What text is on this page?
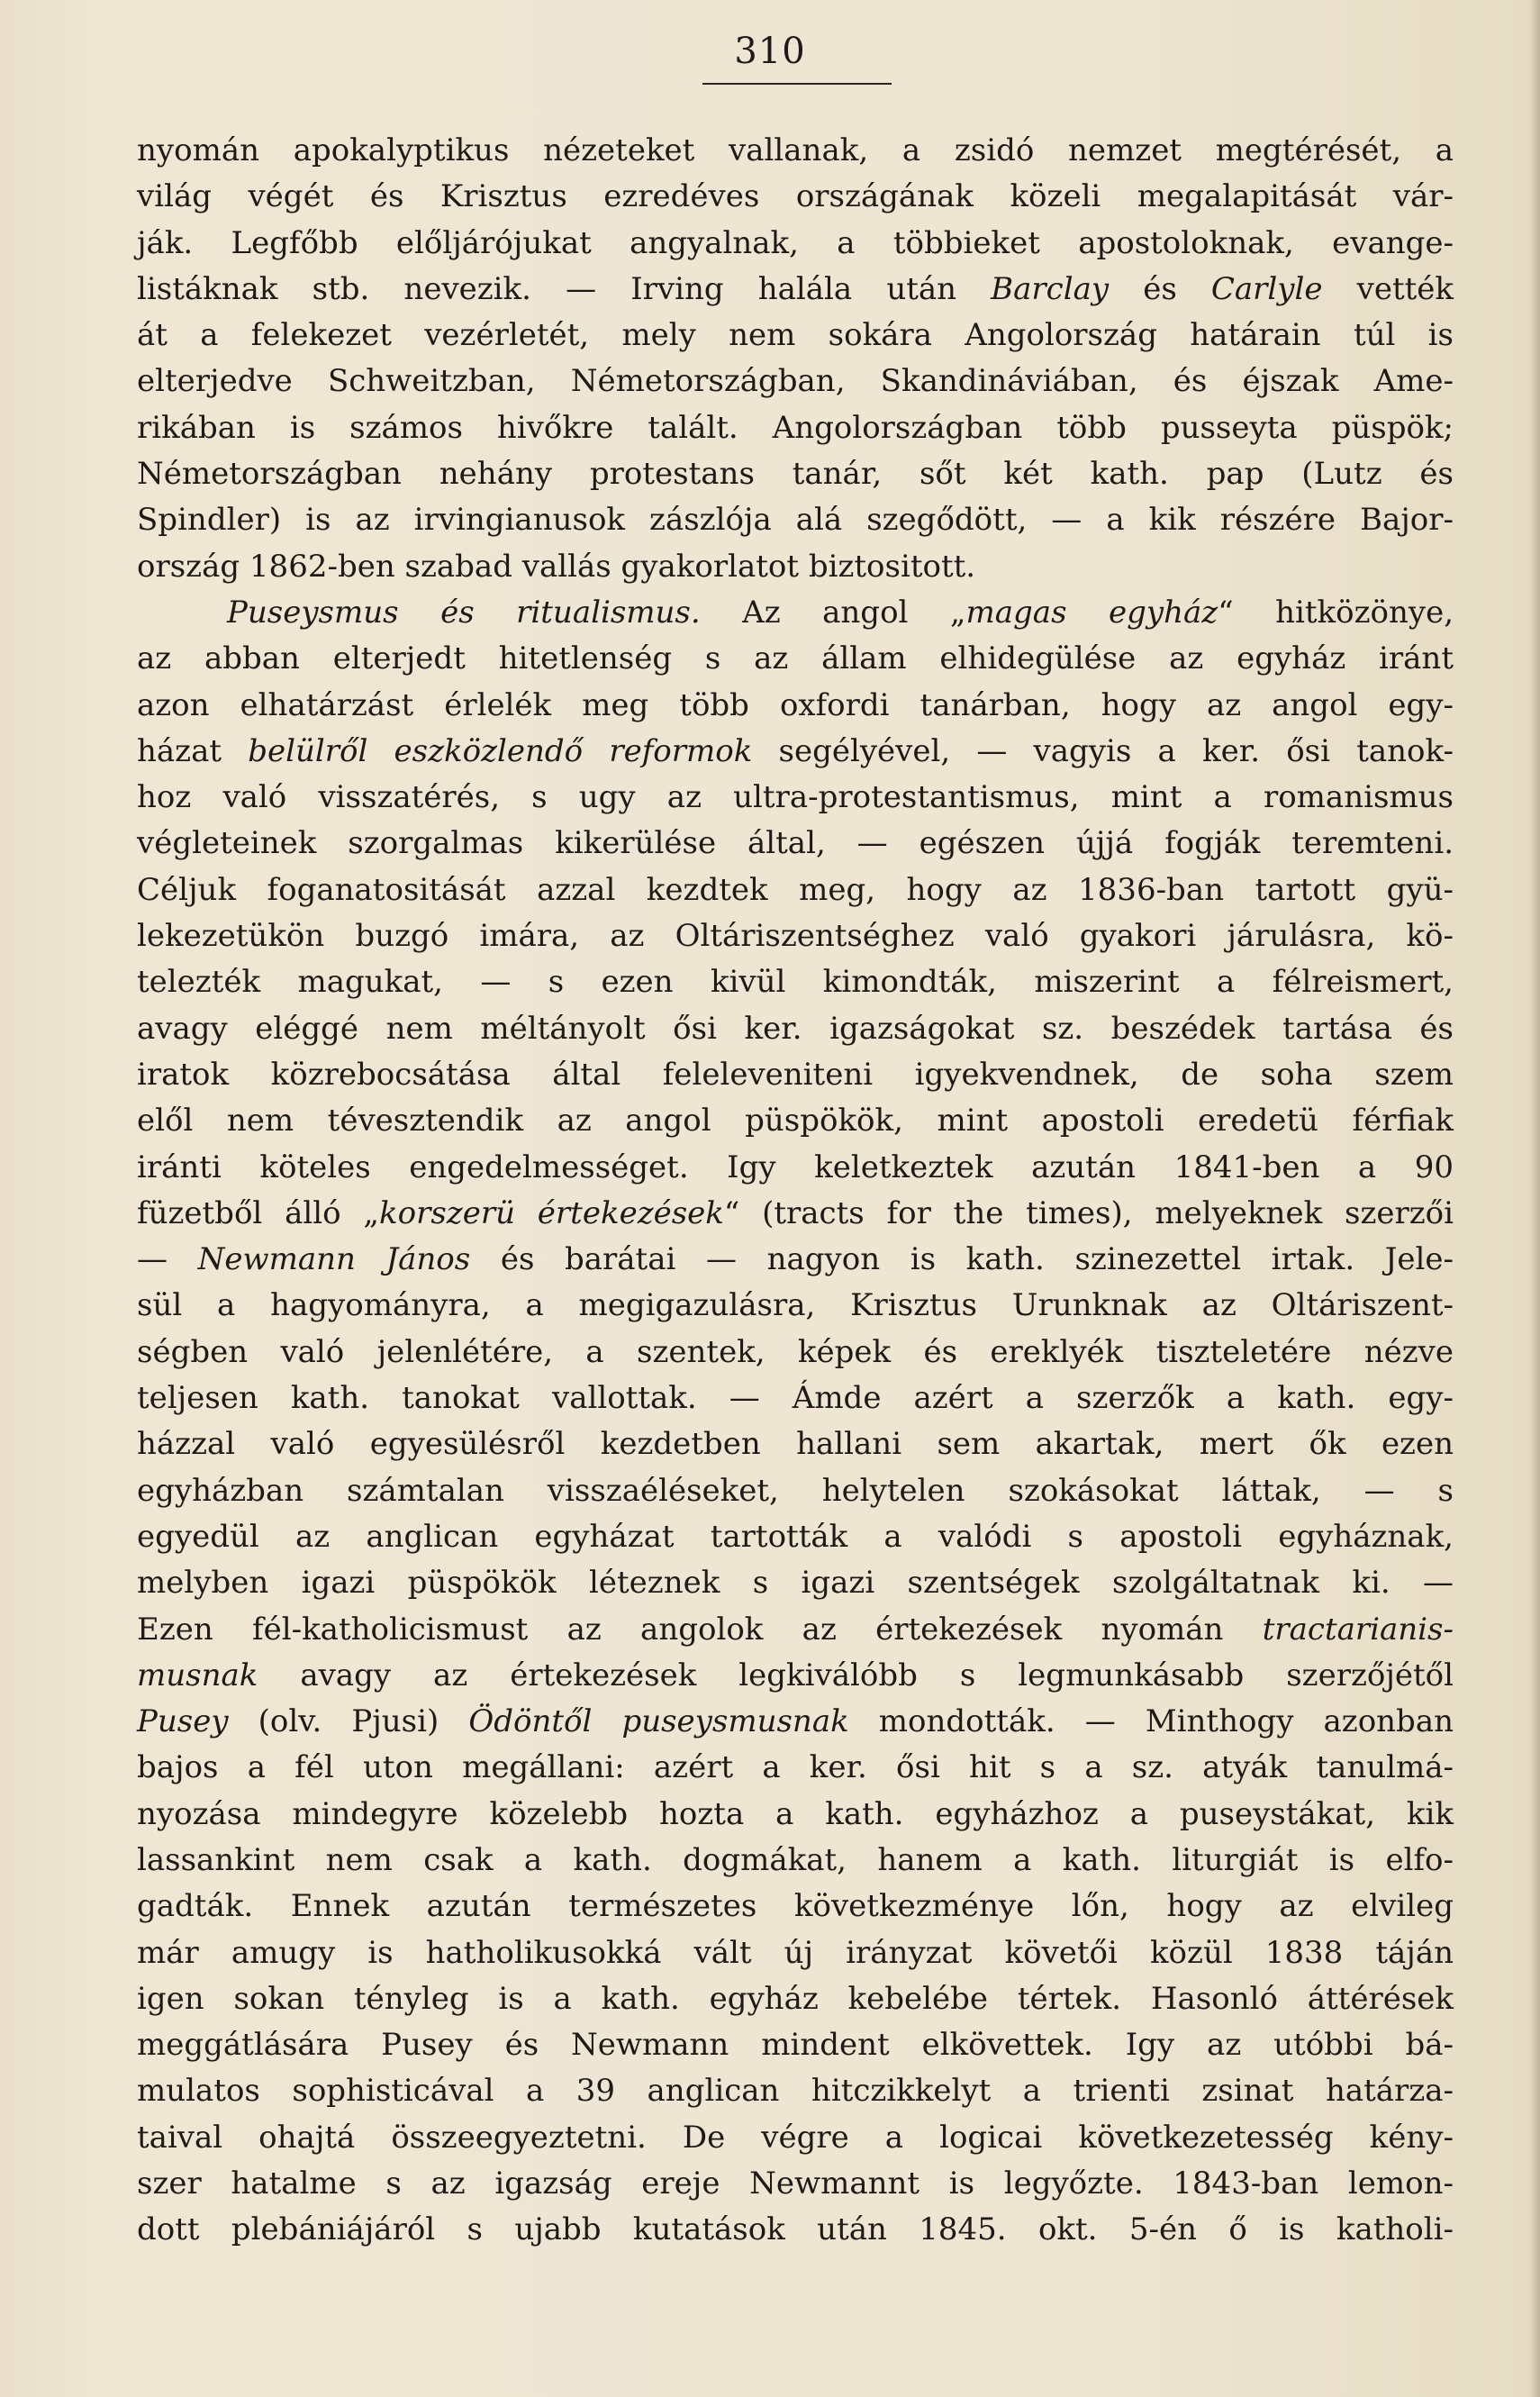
310
nyomán apokalyptikus nézeteket vallanak, a zsidó nemzet megtérését, a
világ végét és Krisztus ezredéves országának közeli megalapitását vár-
ják. Legfőbb előljárójukat angyalnak, a többieket apostoloknak, evange-
listáknak stb. nevezik. — Irving halála után Barclay és Carlyle vették
át a felekezet vezérletét, mely nem sokára Angolország határain túl is
elterjedve Schweitzban, Németországban, Skandináviában, és éjszak Ame-
rikában is számos hivőkre talált. Angolországban több pusseyta püspök;
Németországban nehány protestans tanár, sőt két kath. pap (Lutz és
Spindler) is az irvingianusok zászlója alá szegődött, — a kik részére Bajor-
ország 1862-ben szabad vallás gyakorlatot biztositott.
Puseysmus és ritualismus. Az angol „magas egyház“ hitközönye,
az abban elterjedt hitetlenség s az állam elhidegülése az egyház iránt
azon elhatárzást érlelék meg több oxfordi tanárban, hogy az angol egy-
házat belülről eszközlendő reformok segélyével, — vagyis a ker. ősi tanok-
hoz való visszatérés, s ugy az ultra-protestantismus, mint a romanismus
végleteinek szorgalmas kikerülése által, — egészen újjá fogják teremteni.
Céljuk foganatositását azzal kezdtek meg, hogy az 1836-ban tartott gyü-
lekezetükön buzgó imára, az Oltáriszentséghez való gyakori járulásra, kö-
telezték magukat, — s ezen kivül kimondták, miszerint a félreismert,
avagy eléggé nem méltányolt ősi ker. igazságokat sz. beszédek tartása és
iratok közrebocsátása által feleleveniteni igyekvendnek, de soha szem
elől nem tévesztendik az angol püspökök, mint apostoli eredetü férfiak
iránti köteles engedelmességet. Igy keletkeztek azután 1841-ben a 90
füzetből álló „korszerü értekezések“ (tracts for the times), melyeknek szerzői
— Newmann János és barátai — nagyon is kath. szinezettel irtak. Jele-
sül a hagyományra, a megigazulásra, Krisztus Urunknak az Oltáriszent-
ségben való jelenlétére, a szentek, képek és ereklyék tiszteletére nézve
teljesen kath. tanokat vallottak. — Ámde azért a szerzők a kath. egy-
házzal való egyesülésről kezdetben hallani sem akartak, mert ők ezen
egyházban számtalan visszaéléseket, helytelen szokásokat láttak, — s
egyedül az anglican egyházat tartották a valódi s apostoli egyháznak,
melyben igazi püspökök léteznek s igazi szentségek szolgáltatnak ki. —
Ezen fél-katholicismust az angolok az értekezések nyomán tractarianis-
musnak avagy az értekezések legkiválóbb s legmunkásabb szerzőjétől
Pusey (olv. Pjusi) Ödöntől puseysmusnak mondották. — Minthogy azonban
bajos a fél uton megállani: azért a ker. ősi hit s a sz. atyák tanulmá-
nyozása mindegyre közelebb hozta a kath. egyházhoz a puseystákat, kik
lassankint nem csak a kath. dogmákat, hanem a kath. liturgiát is elfo-
gadták. Ennek azután természetes következménye lőn, hogy az elvileg
már amugy is hatholikusokká vált új irányzat követői közül 1838 táján
igen sokan tényleg is a kath. egyház kebelébe tértek. Hasonló áttérések
meggátlására Pusey és Newmann mindent elkövettek. Igy az utóbbi bá-
mulatos sophisticával a 39 anglican hitczikkelyt a trienti zsinat határza-
taival ohajtá összeegyeztetni. De végre a logicai következetesség kény-
szer hatalme s az igazság ereje Newmannt is legyőzte. 1843-ban lemon-
dott plebániájáról s ujabb kutatások után 1845. okt. 5-én ő is katholi-
